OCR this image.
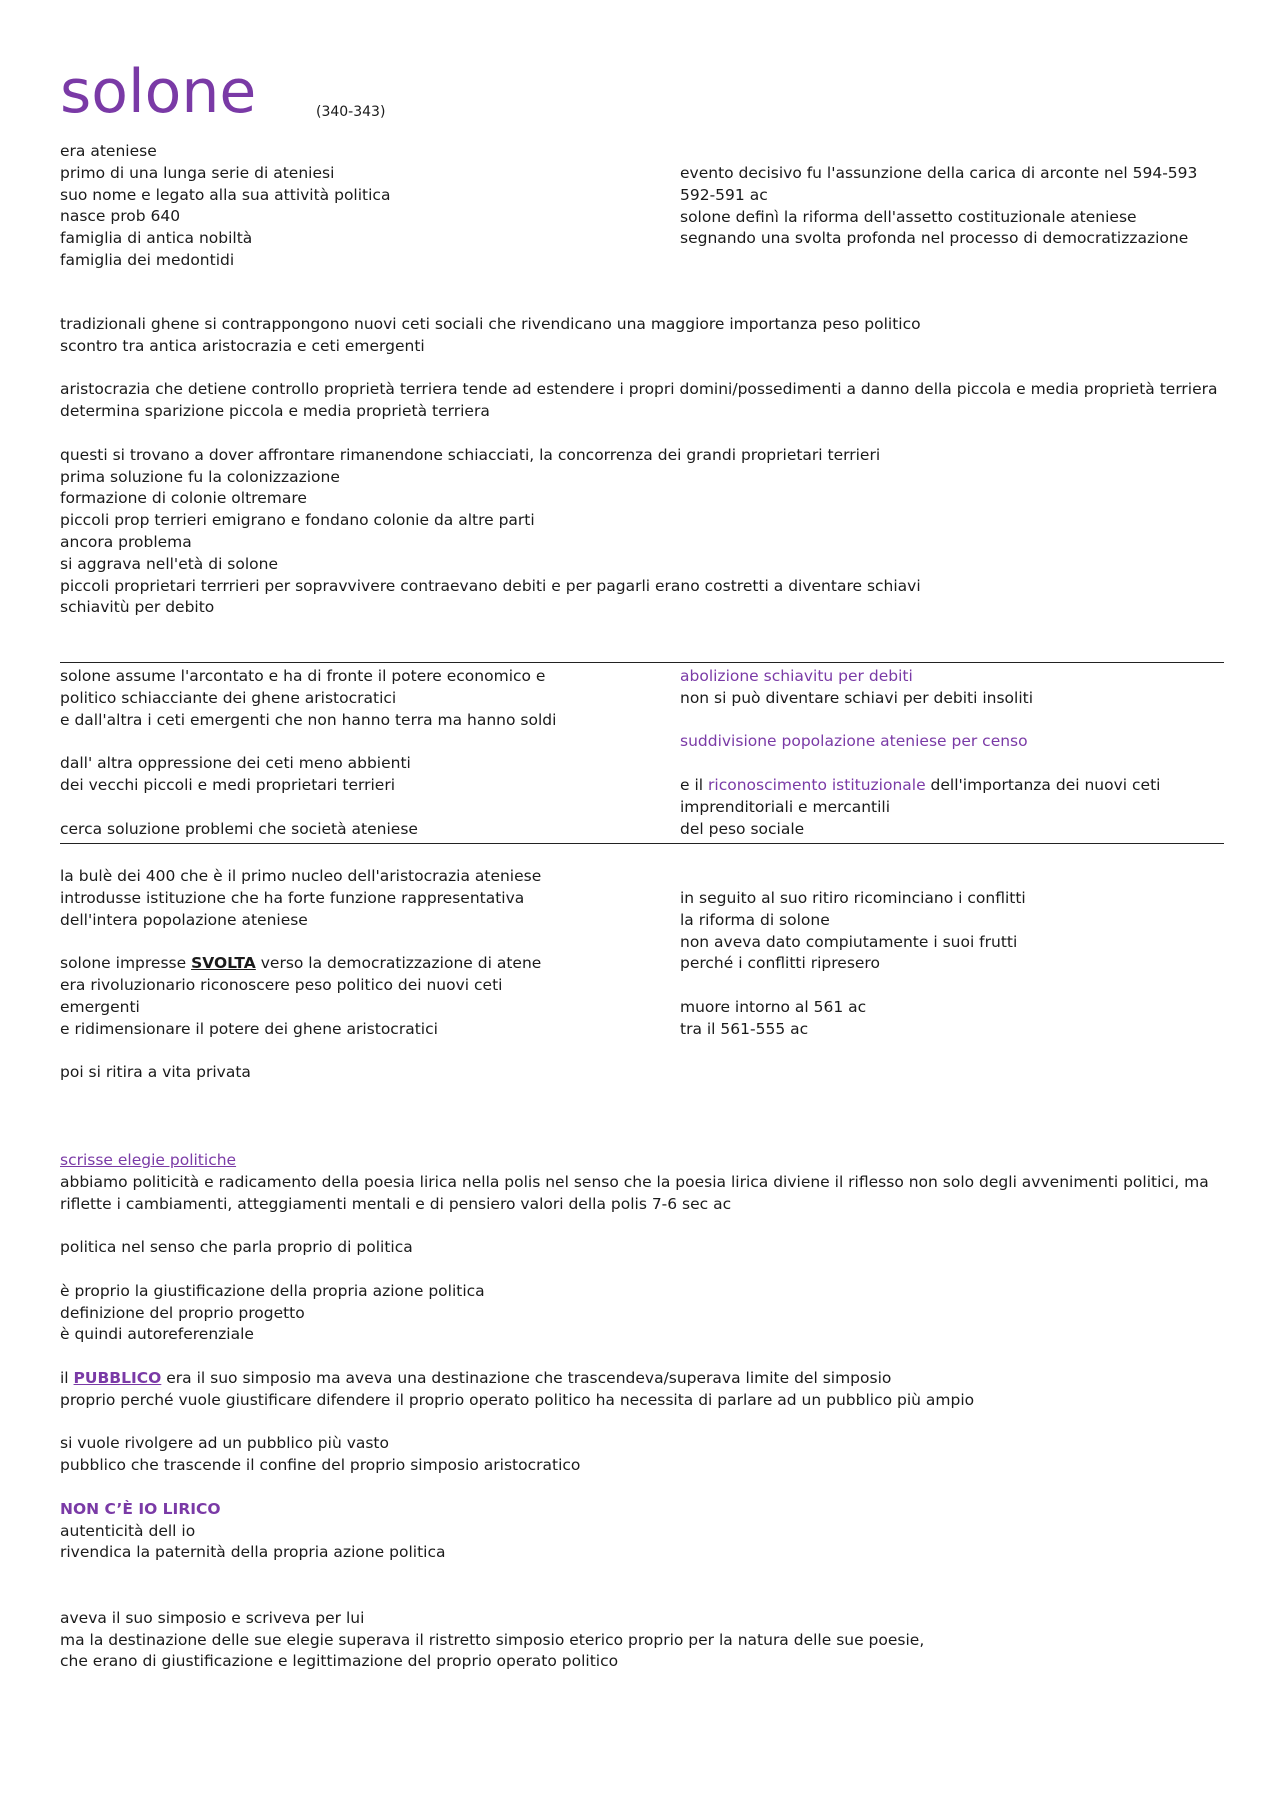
solone	(340-343)
era ateniese
primo di una lunga serie di ateniesi
suo nome e legato alla sua attività politica
nasce prob 640
famiglia di antica nobiltà
famiglia dei medontidi
evento decisivo fu l'assunzione della carica di arconte nel 594-593
592-591 ac
solone definì la riforma dell'assetto costituzionale ateniese
segnando una svolta profonda nel processo di democratizzazione
tradizionali ghene si contrappongono nuovi ceti sociali che rivendicano una maggiore importanza peso politico
scontro tra antica aristocrazia e ceti emergenti
aristocrazia che detiene controllo proprietà terriera tende ad estendere i propri domini/possedimenti a danno della piccola e media proprietà terriera
determina sparizione piccola e media proprietà terriera
questi si trovano a dover affrontare rimanendone schiacciati, la concorrenza dei grandi proprietari terrieri
prima soluzione fu la colonizzazione
formazione di colonie oltremare
piccoli prop terrieri emigrano e fondano colonie da altre parti
ancora problema
si aggrava nell'età di solone
piccoli proprietari terrrieri per sopravvivere contraevano debiti e per pagarli erano costretti a diventare schiavi
schiavitù per debito
solone assume l'arcontato e ha di fronte il potere economico e
politico schiacciante dei ghene aristocratici
e dall'altra i ceti emergenti che non hanno terra ma hanno soldi
dall' altra oppressione dei ceti meno abbienti
dei vecchi piccoli e medi proprietari terrieri
cerca soluzione problemi che società ateniese
abolizione schiavitu per debiti
non si può diventare schiavi per debiti insoliti
suddivisione popolazione ateniese per censo
e il riconoscimento istituzionale dell'importanza dei nuovi ceti
imprenditoriali e mercantili
del peso sociale
la bulè dei 400 che è il primo nucleo dell'aristocrazia ateniese
introdusse istituzione che ha forte funzione rappresentativa
dell'intera popolazione ateniese
solone impresse SVOLTA verso la democratizzazione di atene
era rivoluzionario riconoscere peso politico dei nuovi ceti
emergenti
e ridimensionare il potere dei ghene aristocratici
poi si ritira a vita privata
in seguito al suo ritiro ricominciano i conflitti
la riforma di solone
non aveva dato compiutamente i suoi frutti
perché i conflitti ripresero
muore intorno al 561 ac
tra il 561-555 ac
scrisse elegie politiche
abbiamo politicità e radicamento della poesia lirica nella polis nel senso che la poesia lirica diviene il riflesso non solo degli avvenimenti politici, ma
riflette i cambiamenti, atteggiamenti mentali e di pensiero valori della polis 7-6 sec ac
politica nel senso che parla proprio di politica
è proprio la giustificazione della propria azione politica
definizione del proprio progetto
è quindi autoreferenziale
il PUBBLICO era il suo simposio ma aveva una destinazione che trascendeva/superava limite del simposio
proprio perché vuole giustificare difendere il proprio operato politico ha necessita di parlare ad un pubblico più ampio
si vuole rivolgere ad un pubblico più vasto
pubblico che trascende il confine del proprio simposio aristocratico
NON C’È IO LIRICO
autenticità dell io
rivendica la paternità della propria azione politica
aveva il suo simposio e scriveva per lui
ma la destinazione delle sue elegie superava il ristretto simposio eterico proprio per la natura delle sue poesie,
che erano di giustificazione e legittimazione del proprio operato politico
